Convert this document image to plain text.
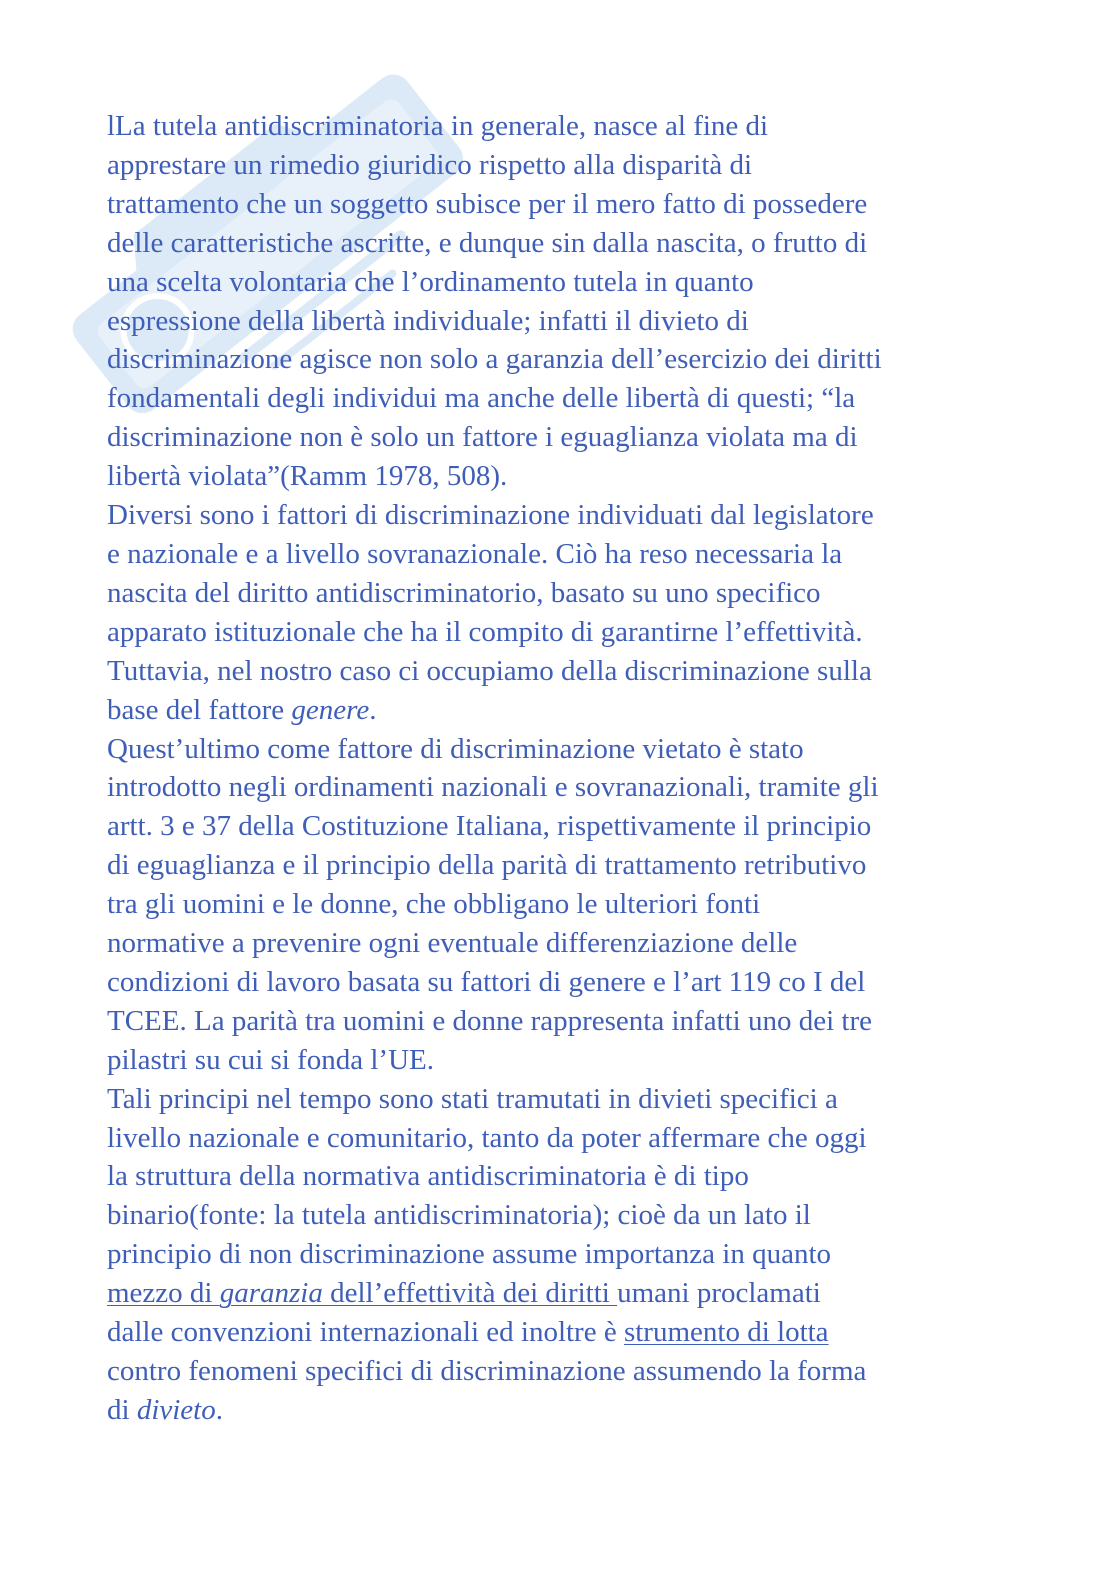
lLa tutela antidiscriminatoria in generale, nasce al fine di
apprestare un rimedio giuridico rispetto alla disparità di
trattamento che un soggetto subisce per il mero fatto di possedere
delle caratteristiche ascritte, e dunque sin dalla nascita, o frutto di
una scelta volontaria che l’ordinamento tutela in quanto
espressione della libertà individuale; infatti il divieto di
discriminazione agisce non solo a garanzia dell’esercizio dei diritti
fondamentali degli individui ma anche delle libertà di questi; “la
discriminazione non è solo un fattore i eguaglianza violata ma di
libertà violata”(Ramm 1978, 508).
Diversi sono i fattori di discriminazione individuati dal legislatore
e nazionale e a livello sovranazionale. Ciò ha reso necessaria la
nascita del diritto antidiscriminatorio, basato su uno specifico
apparato istituzionale che ha il compito di garantirne l’effettività.
Tuttavia, nel nostro caso ci occupiamo della discriminazione sulla
base del fattore genere.
Quest’ultimo come fattore di discriminazione vietato è stato
introdotto negli ordinamenti nazionali e sovranazionali, tramite gli
artt. 3 e 37 della Costituzione Italiana, rispettivamente il principio
di eguaglianza e il principio della parità di trattamento retributivo
tra gli uomini e le donne, che obbligano le ulteriori fonti
normative a prevenire ogni eventuale differenziazione delle
condizioni di lavoro basata su fattori di genere e l’art 119 co I del
TCEE. La parità tra uomini e donne rappresenta infatti uno dei tre
pilastri su cui si fonda l’UE.
Tali principi nel tempo sono stati tramutati in divieti specifici a
livello nazionale e comunitario, tanto da poter affermare che oggi
la struttura della normativa antidiscriminatoria è di tipo
binario(fonte: la tutela antidiscriminatoria); cioè da un lato il
principio di non discriminazione assume importanza in quanto
mezzo di garanzia dell’effettività dei diritti umani proclamati
dalle convenzioni internazionali ed inoltre è strumento di lotta
contro fenomeni specifici di discriminazione assumendo la forma
di divieto.
